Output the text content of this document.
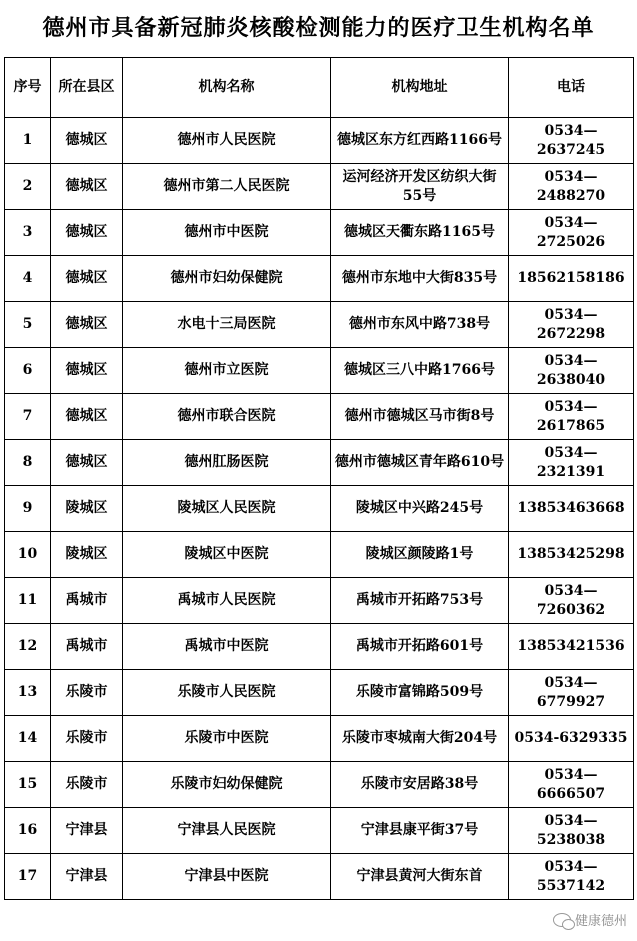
德州市具备新冠肺炎核酸检测能力的医疗卫生机构名单
序号	所在县区	机构名称	机构地址	电话
1	德城区	德州市人民医院	德城区东方红西路1166号	0534—2637245
2	德城区	德州市第二人民医院	运河经济开发区纺织大街55号	0534—2488270
3	德城区	德州市中医院	德城区天衢东路1165号	0534—2725026
4	德城区	德州市妇幼保健院	德州市东地中大街835号	18562158186
5	德城区	水电十三局医院	德州市东风中路738号	0534—2672298
6	德城区	德州市立医院	德城区三八中路1766号	0534—2638040
7	德城区	德州市联合医院	德州市德城区马市街8号	0534—2617865
8	德城区	德州肛肠医院	德州市德城区青年路610号	0534—2321391
9	陵城区	陵城区人民医院	陵城区中兴路245号	13853463668
10	陵城区	陵城区中医院	陵城区颜陵路1号	13853425298
11	禹城市	禹城市人民医院	禹城市开拓路753号	0534—7260362
12	禹城市	禹城市中医院	禹城市开拓路601号	13853421536
13	乐陵市	乐陵市人民医院	乐陵市富锦路509号	0534—6779927
14	乐陵市	乐陵市中医院	乐陵市枣城南大街204号	0534-6329335
15	乐陵市	乐陵市妇幼保健院	乐陵市安居路38号	0534—6666507
16	宁津县	宁津县人民医院	宁津县康平街37号	0534—5238038
17	宁津县	宁津县中医院	宁津县黄河大街东首	0534—5537142
健康德州
